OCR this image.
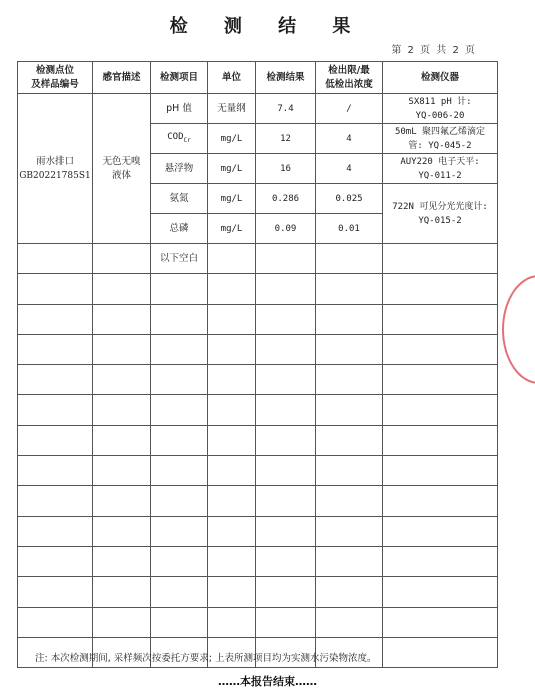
检 测 结 果
第 2 页 共 2 页
检测点位
及样品编号	感官描述	检测项目	单位	检测结果	检出限/最
低检出浓度	检测仪器

雨水排口
GB20221785S1	无色无嗅
液体	pH 值	无量纲	7.4	/	SX811 pH 计:
YQ-006-20

		$COD_{Cr}$	mg/L	12	4	50mL 聚四氟乙烯滴定
管: YQ-045-2

		悬浮物	mg/L	16	4	AUY220 电子天平:
YQ-011-2

		氨氮	mg/L	0.286	0.025	722N 可见分光光度计:
YQ-015-2

		总磷	mg/L	0.09	0.01	
		以下空白				

注: 本次检测期间, 采样频次按委托方要求; 上表所测项目均为实测水污染物浓度。
……本报告结束……
